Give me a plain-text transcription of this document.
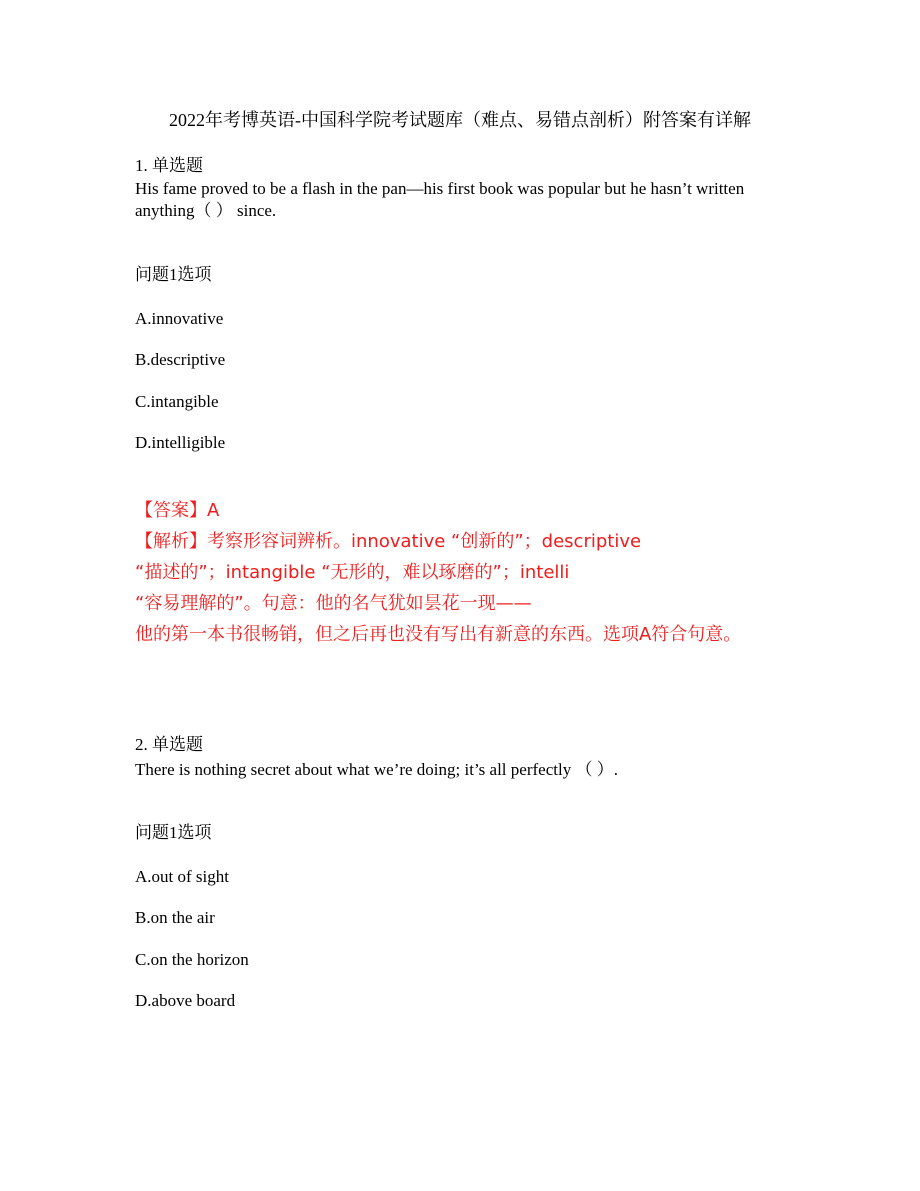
2022年考博英语-中国科学院考试题库（难点、易错点剖析）附答案有详解
1. 单选题
His fame proved to be a flash in the pan—his first book was popular but he hasn’t written
anything（ ） since.
问题1选项
A.innovative
B.descriptive
C.intangible
D.intelligible
【答案】A
【解析】考察形容词辨析。innovative “创新的”；descriptive
“描述的”；intangible “无形的，难以琢磨的”；intelli
“容易理解的”。句意：他的名气犹如昙花一现——
他的第一本书很畅销，但之后再也没有写出有新意的东西。选项A符合句意。
2. 单选题
There is nothing secret about what we’re doing; it’s all perfectly （ ）.
问题1选项
A.out of sight
B.on the air
C.on the horizon
D.above board
